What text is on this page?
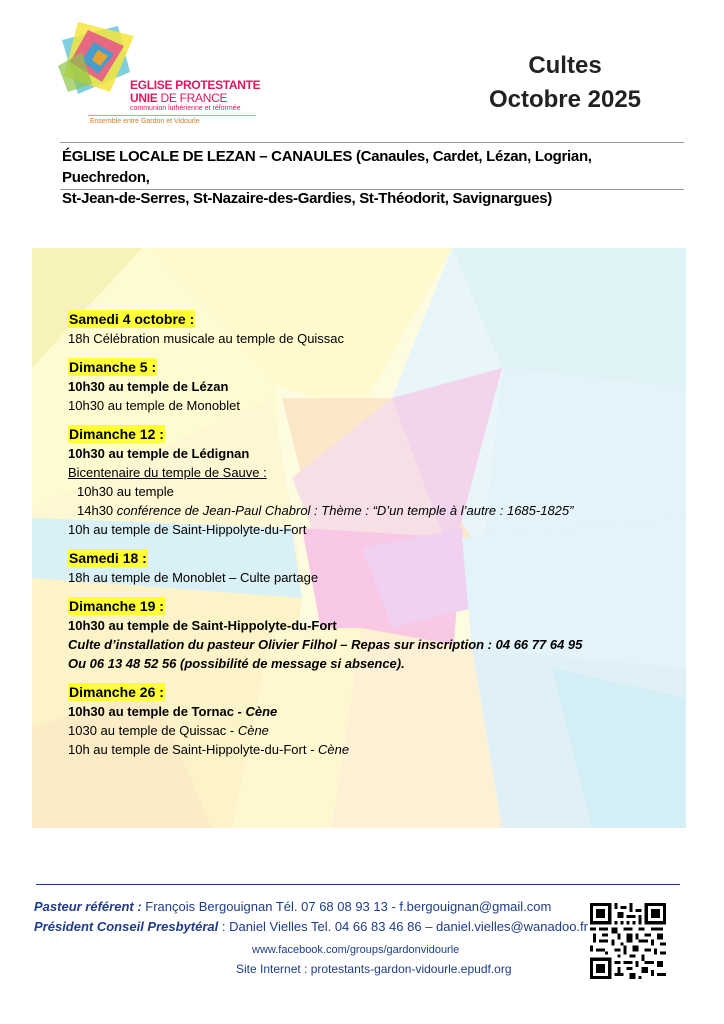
EGLISE PROTESTANTE
UNIE DE FRANCE
communion luthérienne et réformée
Ensemble entre Gardon et Vidourle
Cultes
Octobre 2025
ÉGLISE LOCALE DE LEZAN – CANAULES (Canaules, Cardet, Lézan, Logrian, Puechredon,
St-Jean-de-Serres, St-Nazaire-des-Gardies, St-Théodorit, Savignargues)
Samedi 4 octobre :
18h Célébration musicale au temple de Quissac
Dimanche 5 :
10h30 au temple de Lézan
10h30 au temple de Monoblet
Dimanche 12 :
10h30 au temple de Lédignan
Bicentenaire du temple de Sauve :
10h30 au temple
14h30 conférence de Jean-Paul Chabrol : Thème : “D’un temple à l’autre : 1685-1825”
10h au temple de Saint-Hippolyte-du-Fort
Samedi 18 :
18h au temple de Monoblet – Culte partage
Dimanche 19 :
10h30 au temple de Saint-Hippolyte-du-Fort
Culte d’installation du pasteur Olivier Filhol – Repas sur inscription : 04 66 77 64 95
Ou 06 13 48 52 56 (possibilité de message si absence).
Dimanche 26 :
10h30 au temple de Tornac - Cène
1030 au temple de Quissac - Cène
10h au temple de Saint-Hippolyte-du-Fort - Cène
Pasteur référent : François Bergouignan Tél. 07 68 08 93 13 - f.bergouignan@gmail.com
Président Conseil Presbytéral : Daniel Vielles Tel. 04 66 83 46 86 – daniel.vielles@wanadoo.fr
www.facebook.com/groups/gardonvidourle
Site Internet : protestants-gardon-vidourle.epudf.org
